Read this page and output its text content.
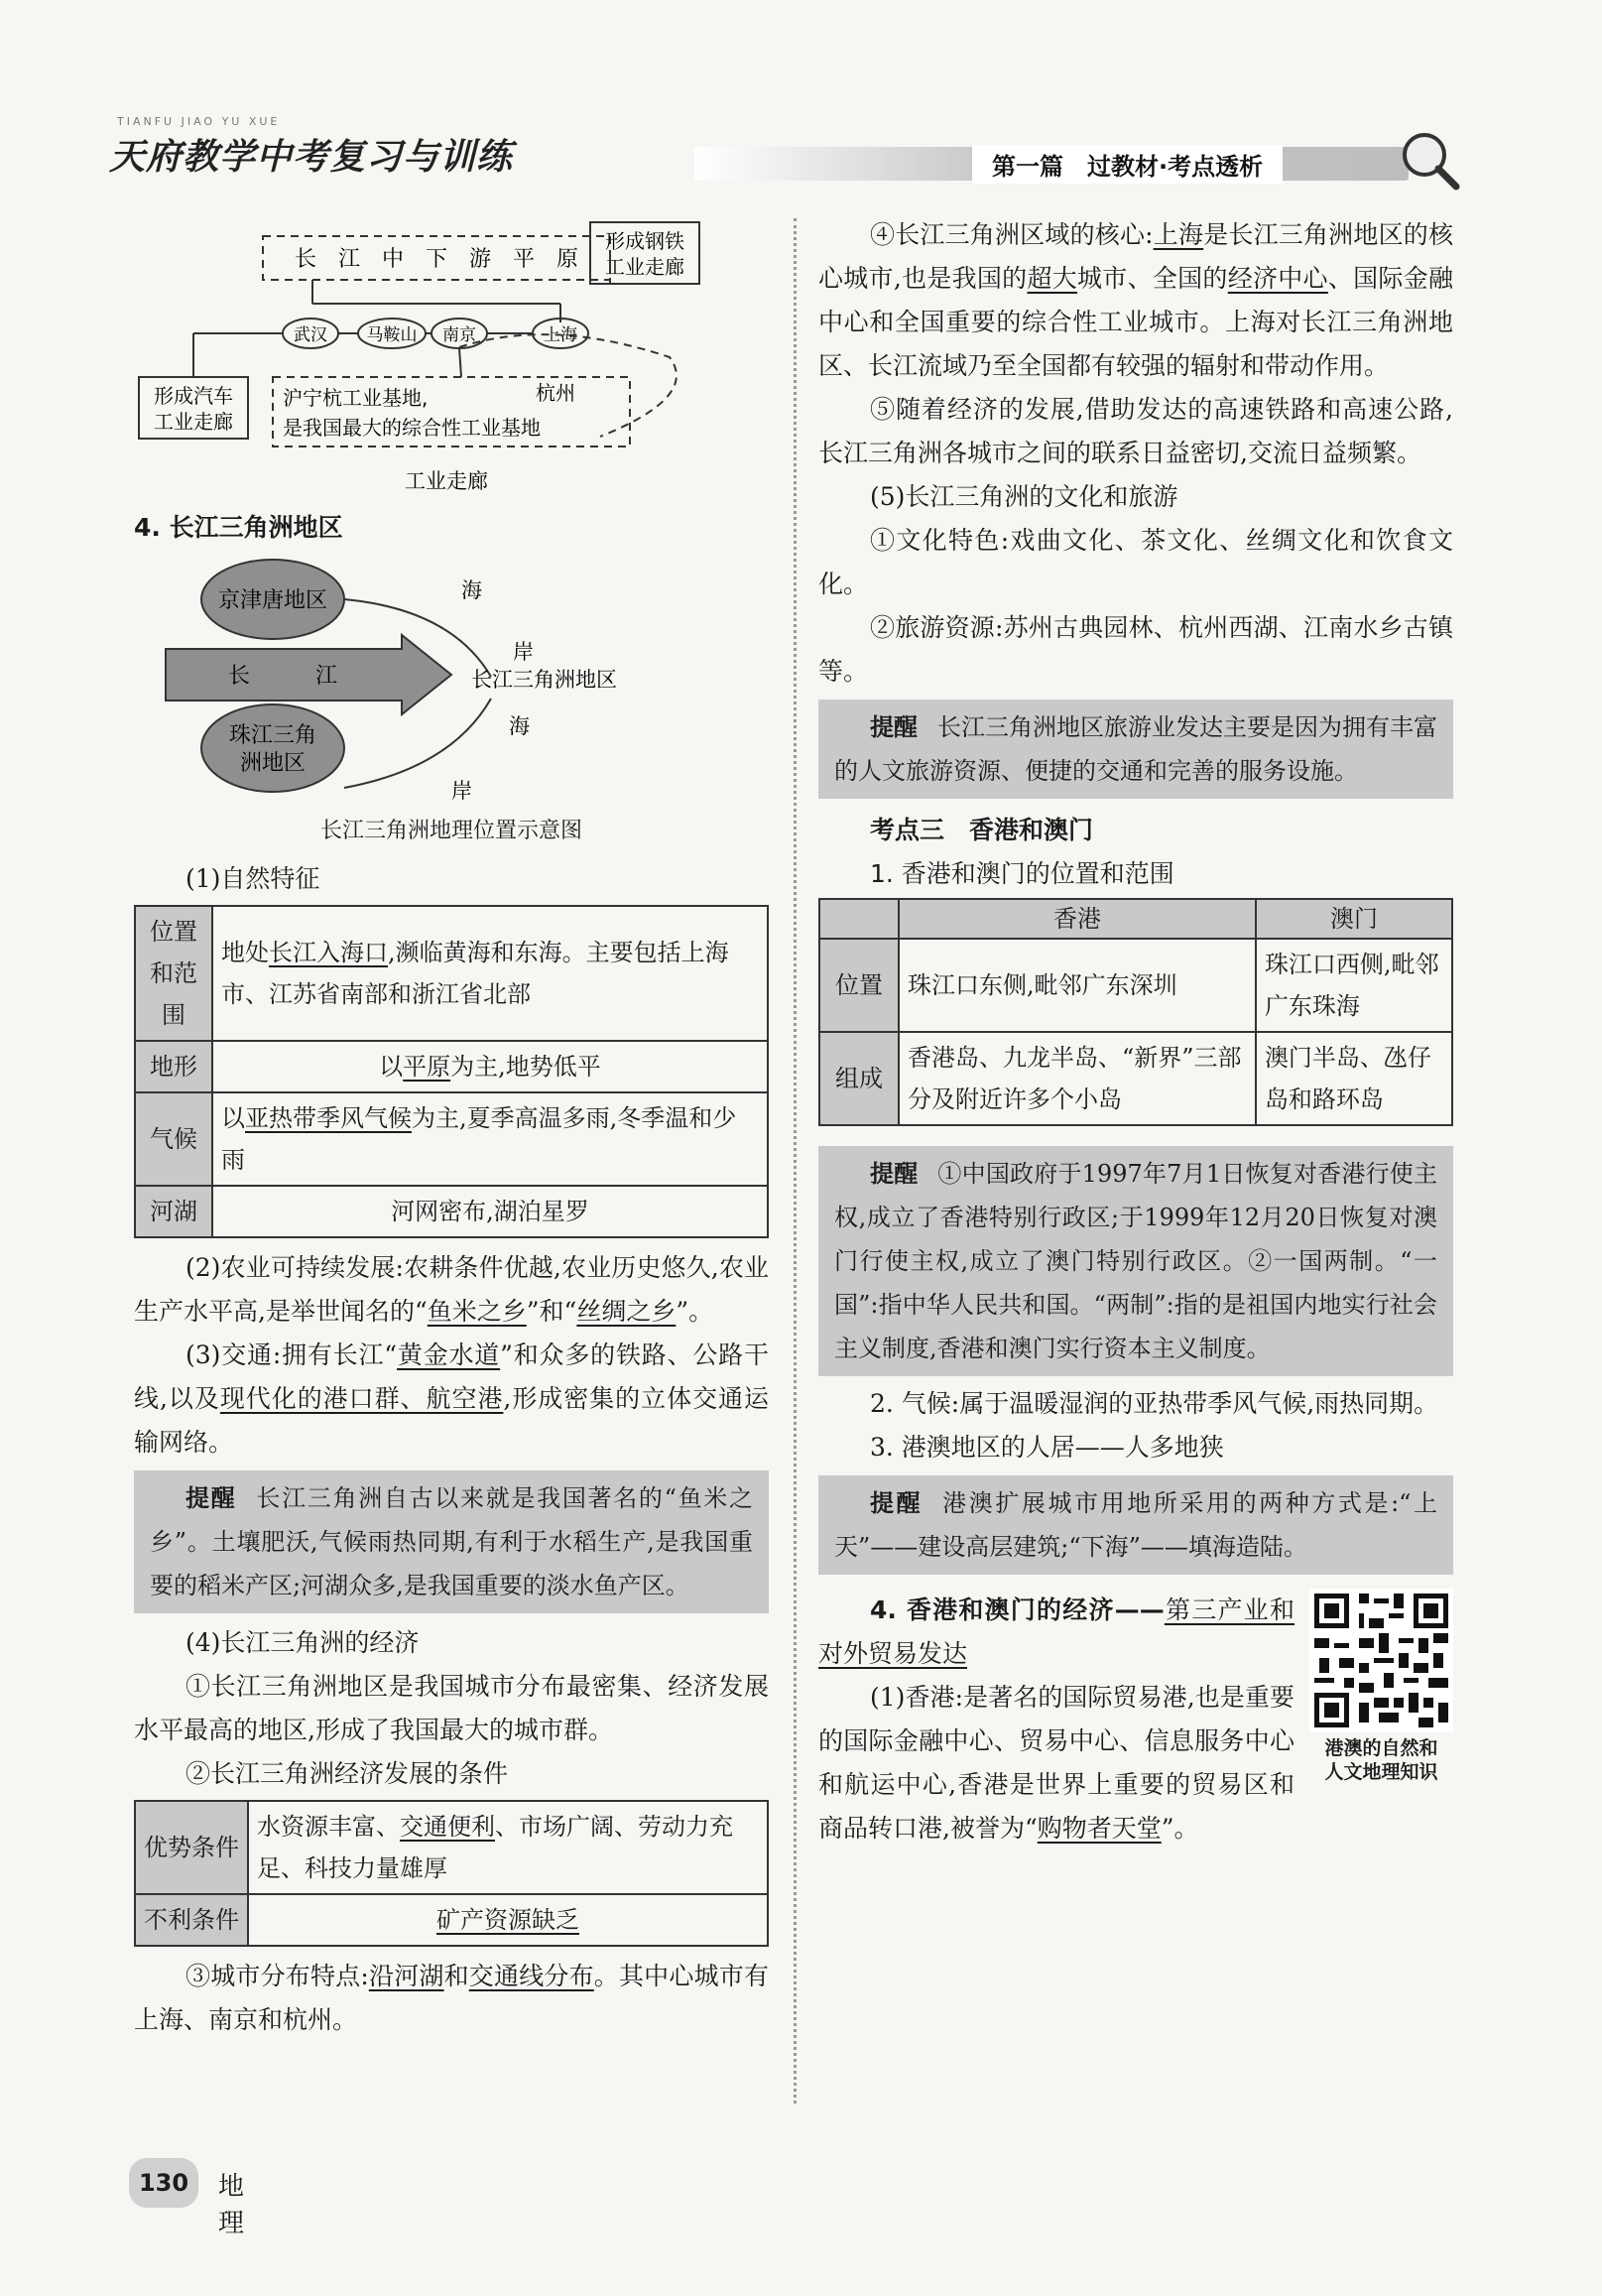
TIANFU JIAO YU XUE
天府教学中考复习与训练	第一篇　过教材·考点透析
长　江　中　下　游　平　原
形成钢铁
工业走廊
武汉 马鞍山 南京	上海
形成汽车
工业走廊
杭州
沪宁杭工业基地,
是我国最大的综合性工业基地
工业走廊
4. 长江三角洲地区
京津唐地区	海
岸
长　　　江	长江三角洲地区
海
珠江三角
洲地区
岸
长江三角洲地理位置示意图
(1)自然特征
位置和范围	地处长江入海口,濒临黄海和东海。主要包括上海市、江苏省南部和浙江省北部
地形	以平原为主,地势低平
气候	以亚热带季风气候为主,夏季高温多雨,冬季温和少雨
河湖	河网密布,湖泊星罗
(2)农业可持续发展:农耕条件优越,农业历史悠久,农业生产水平高,是举世闻名的“鱼米之乡”和“丝绸之乡”。
(3)交通:拥有长江“黄金水道”和众多的铁路、公路干线,以及现代化的港口群、航空港,形成密集的立体交通运输网络。
提醒 长江三角洲自古以来就是我国著名的“鱼米之乡”。土壤肥沃,气候雨热同期,有利于水稻生产,是我国重要的稻米产区;河湖众多,是我国重要的淡水鱼产区。
(4)长江三角洲的经济
①长江三角洲地区是我国城市分布最密集、经济发展水平最高的地区,形成了我国最大的城市群。
②长江三角洲经济发展的条件
优势条件	水资源丰富、交通便利、市场广阔、劳动力充足、科技力量雄厚
不利条件	矿产资源缺乏
③城市分布特点:沿河湖和交通线分布。其中心城市有上海、南京和杭州。
④长江三角洲区域的核心:上海是长江三角洲地区的核心城市,也是我国的超大城市、全国的经济中心、国际金融中心和全国重要的综合性工业城市。上海对长江三角洲地区、长江流域乃至全国都有较强的辐射和带动作用。
⑤随着经济的发展,借助发达的高速铁路和高速公路,长江三角洲各城市之间的联系日益密切,交流日益频繁。
(5)长江三角洲的文化和旅游
①文化特色:戏曲文化、茶文化、丝绸文化和饮食文化。
②旅游资源:苏州古典园林、杭州西湖、江南水乡古镇等。
提醒 长江三角洲地区旅游业发达主要是因为拥有丰富的人文旅游资源、便捷的交通和完善的服务设施。
考点三　香港和澳门
1. 香港和澳门的位置和范围
	香港	澳门
位置	珠江口东侧,毗邻广东深圳	珠江口西侧,毗邻广东珠海
组成	香港岛、九龙半岛、“新界”三部分及附近许多个小岛	澳门半岛、氹仔岛和路环岛
提醒 ①中国政府于1997年7月1日恢复对香港行使主权,成立了香港特别行政区;于1999年12月20日恢复对澳门行使主权,成立了澳门特别行政区。②一国两制。“一国”:指中华人民共和国。“两制”:指的是祖国内地实行社会主义制度,香港和澳门实行资本主义制度。
2. 气候:属于温暖湿润的亚热带季风气候,雨热同期。
3. 港澳地区的人居——人多地狭
提醒 港澳扩展城市用地所采用的两种方式是:“上天”——建设高层建筑;“下海”——填海造陆。
港澳的自然和
人文地理知识
4. 香港和澳门的经济——第三产业和对外贸易发达
(1)香港:是著名的国际贸易港,也是重要的国际金融中心、贸易中心、信息服务中心和航运中心,香港是世界上重要的贸易区和商品转口港,被誉为“购物者天堂”。
130	地理
